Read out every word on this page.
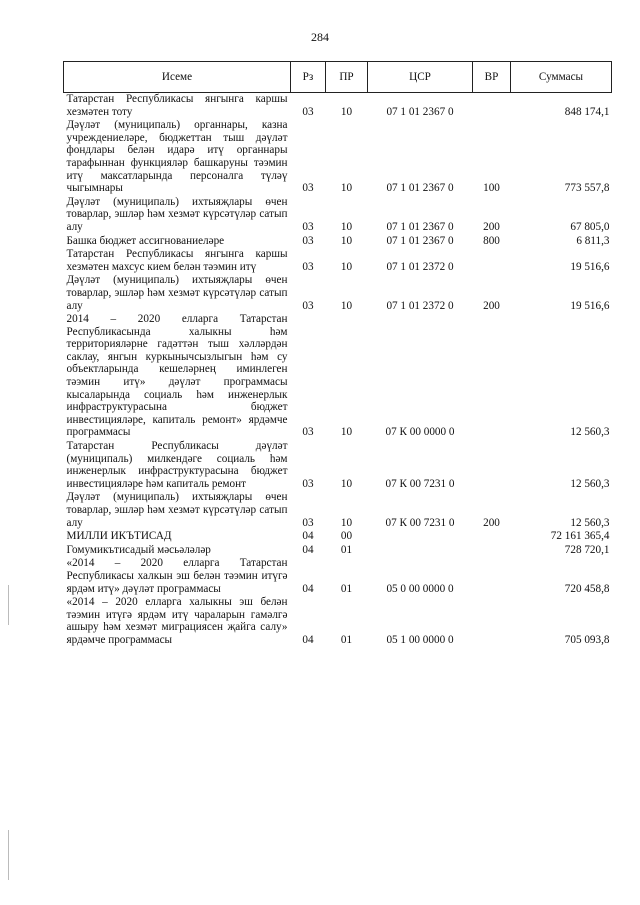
284
Исеме	Рз	ПР	ЦСР	ВР	Суммасы
Татарстан Республикасы янгынга каршы хезмәтен тоту	03	10	07 1 01 2367 0		848 174,1
Дәүләт (муниципаль) органнары, казна учреждениеләре, бюджеттан тыш дәүләт фондлары белән идарә итү органнары тарафыннан функцияләр башкаруны тәэмин итү максатларында персоналга түләү чыгымнары	03	10	07 1 01 2367 0	100	773 557,8
Дәүләт (муниципаль) ихтыяҗлары өчен товарлар, эшләр һәм хезмәт күрсәтүләр сатып алу	03	10	07 1 01 2367 0	200	67 805,0
Башка бюджет ассигнованиеләре	03	10	07 1 01 2367 0	800	6 811,3
Татарстан Республикасы янгынга каршы хезмәтен махсус кием белән тәэмин итү	03	10	07 1 01 2372 0		19 516,6
Дәүләт (муниципаль) ихтыяҗлары өчен товарлар, эшләр һәм хезмәт күрсәтүләр сатып алу	03	10	07 1 01 2372 0	200	19 516,6
2014 – 2020 елларга Татарстан Республикасында халыкны һәм территорияләрне гадәттән тыш хәлләрдән саклау, янгын куркынычсызлыгын һәм су объектларында кешеләрнең иминлеген тәэмин итү» дәүләт программасы кысаларында социаль һәм инженерлык инфраструктурасына бюджет инвестицияләре, капиталь ремонт» ярдәмче программасы	03	10	07 К 00 0000 0		12 560,3
Татарстан Республикасы дәүләт (муниципаль) милкендәге социаль һәм инженерлык инфраструктурасына бюджет инвестицияләре һәм капиталь ремонт	03	10	07 К 00 7231 0		12 560,3
Дәүләт (муниципаль) ихтыяҗлары өчен товарлар, эшләр һәм хезмәт күрсәтүләр сатып алу	03	10	07 К 00 7231 0	200	12 560,3
МИЛЛИ ИКЪТИСАД	04	00			72 161 365,4
Гомумикътисадый мәсьәләләр	04	01			728 720,1
«2014 – 2020 елларга Татарстан Республикасы халкын эш белән тәэмин итүгә ярдәм итү» дәүләт программасы	04	01	05 0 00 0000 0		720 458,8
«2014 – 2020 елларга халыкны эш белән тәэмин итүгә ярдәм итү чараларын гамәлгә ашыру һәм хезмәт миграциясен җайга салу» ярдәмче программасы	04	01	05 1 00 0000 0		705 093,8
